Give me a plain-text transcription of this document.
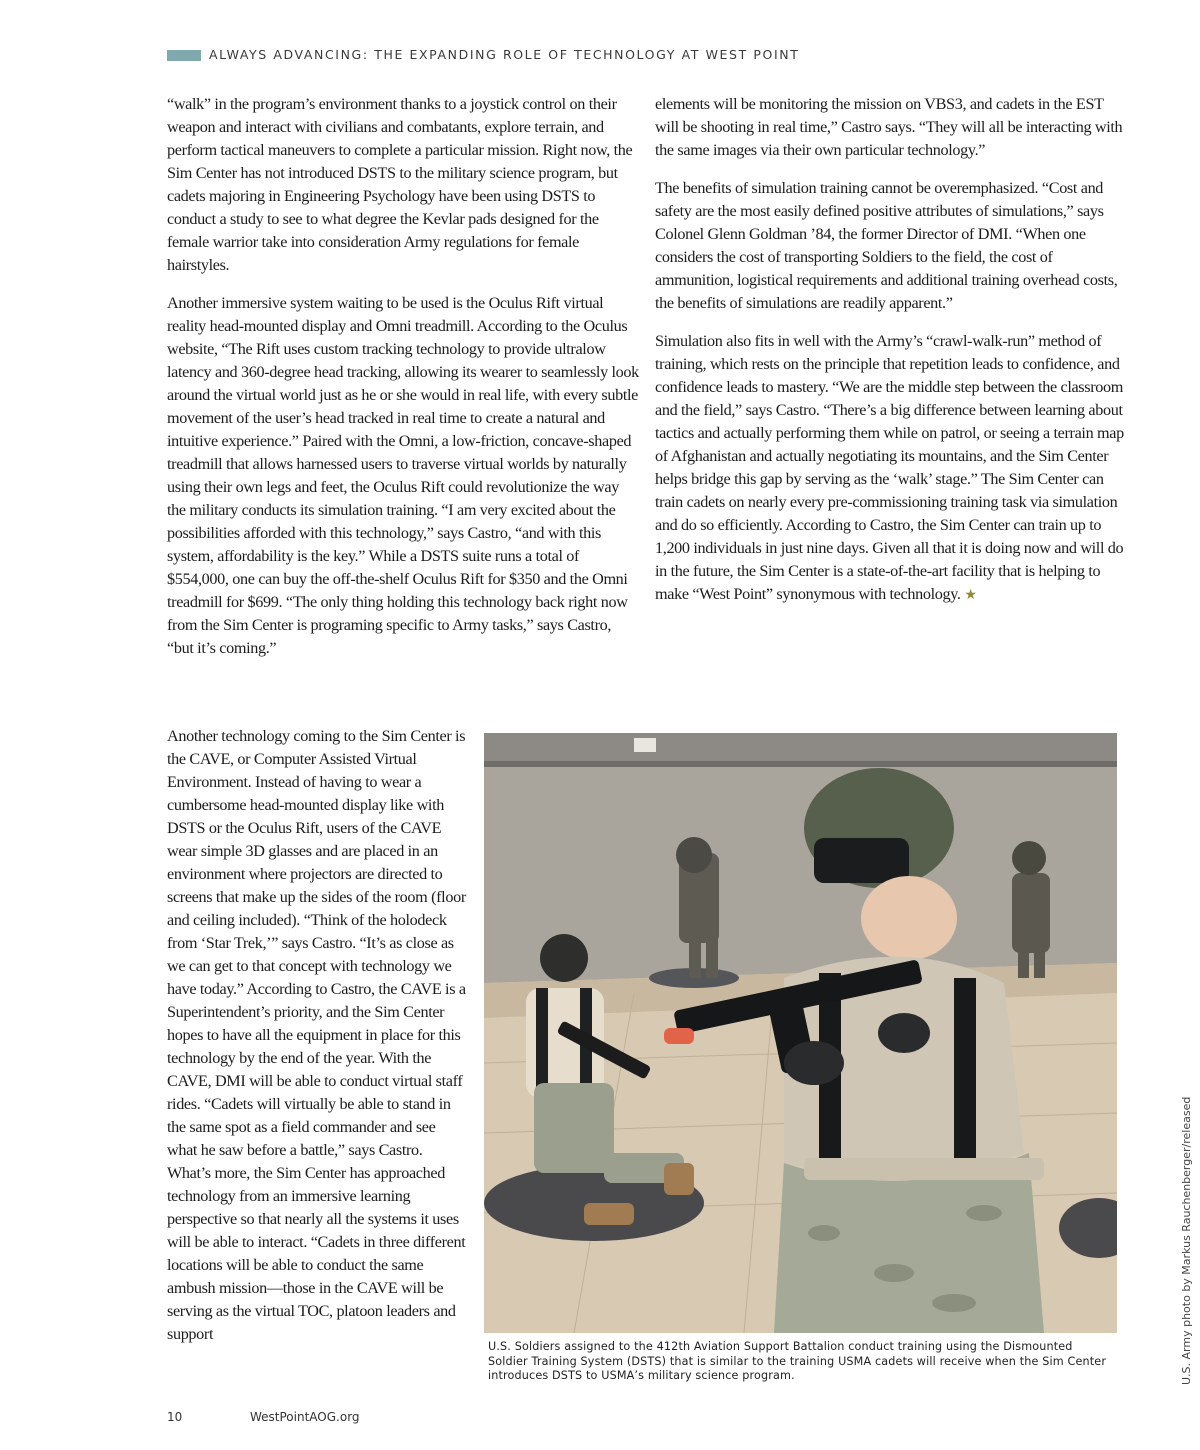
ALWAYS ADVANCING: THE EXPANDING ROLE OF TECHNOLOGY AT WEST POINT

“walk” in the program’s environment thanks to a joystick control on their weapon and interact with civilians and combatants, explore terrain, and perform tactical maneuvers to complete a particular mission. Right now, the Sim Center has not introduced DSTS to the military science program, but cadets majoring in Engineering Psychology have been using DSTS to conduct a study to see to what degree the Kevlar pads designed for the female warrior take into consideration Army regulations for female hairstyles.

Another immersive system waiting to be used is the Oculus Rift virtual reality head-mounted display and Omni treadmill. According to the Oculus website, “The Rift uses custom tracking technology to provide ultralow latency and 360-degree head tracking, allowing its wearer to seamlessly look around the virtual world just as he or she would in real life, with every subtle movement of the user’s head tracked in real time to create a natural and intuitive experience.” Paired with the Omni, a low-friction, concave-shaped treadmill that allows harnessed users to traverse virtual worlds by naturally using their own legs and feet, the Oculus Rift could revolutionize the way the military conducts its simulation training. “I am very excited about the possibilities afforded with this technology,” says Castro, “and with this system, affordability is the key.” While a DSTS suite runs a total of $554,000, one can buy the off-the-shelf Oculus Rift for $350 and the Omni treadmill for $699. “The only thing holding this technology back right now from the Sim Center is programing specific to Army tasks,” says Castro, “but it’s coming.”

elements will be monitoring the mission on VBS3, and cadets in the EST will be shooting in real time,” Castro says. “They will all be interacting with the same images via their own particular technology.”

The benefits of simulation training cannot be overemphasized. “Cost and safety are the most easily defined positive attributes of simulations,” says Colonel Glenn Goldman ’84, the former Director of DMI. “When one considers the cost of transporting Soldiers to the field, the cost of ammunition, logistical requirements and additional training overhead costs, the benefits of simulations are readily apparent.”

Simulation also fits in well with the Army’s “crawl-walk-run” method of training, which rests on the principle that repetition leads to confidence, and confidence leads to mastery. “We are the middle step between the classroom and the field,” says Castro. “There’s a big difference between learning about tactics and actually performing them while on patrol, or seeing a terrain map of Afghanistan and actually negotiating its mountains, and the Sim Center helps bridge this gap by serving as the ‘walk’ stage.” The Sim Center can train cadets on nearly every pre-commissioning training task via simulation and do so efficiently. According to Castro, the Sim Center can train up to 1,200 individuals in just nine days. Given all that it is doing now and will do in the future, the Sim Center is a state-of-the-art facility that is helping to make “West Point” synonymous with technology. ★

Another technology coming to the Sim Center is the CAVE, or Computer Assisted Virtual Environment. Instead of having to wear a cumbersome head-mounted display like with DSTS or the Oculus Rift, users of the CAVE wear simple 3D glasses and are placed in an environment where projectors are directed to screens that make up the sides of the room (floor and ceiling included). “Think of the holodeck from ‘Star Trek,’” says Castro. “It’s as close as we can get to that concept with technology we have today.” According to Castro, the CAVE is a Superintendent’s priority, and the Sim Center hopes to have all the equipment in place for this technology by the end of the year. With the CAVE, DMI will be able to conduct virtual staff rides. “Cadets will virtually be able to stand in the same spot as a field commander and see what he saw before a battle,” says Castro. What’s more, the Sim Center has approached technology from an immersive learning perspective so that nearly all the systems it uses will be able to interact. “Cadets in three different locations will be able to conduct the same ambush mission—those in the CAVE will be serving as the virtual TOC, platoon leaders and support

U.S. Soldiers assigned to the 412th Aviation Support Battalion conduct training using the Dismounted Soldier Training System (DSTS) that is similar to the training USMA cadets will receive when the Sim Center introduces DSTS to USMA’s military science program.	U.S. Army photo by Markus Rauchenberger/released
10	WestPointAOG.org
